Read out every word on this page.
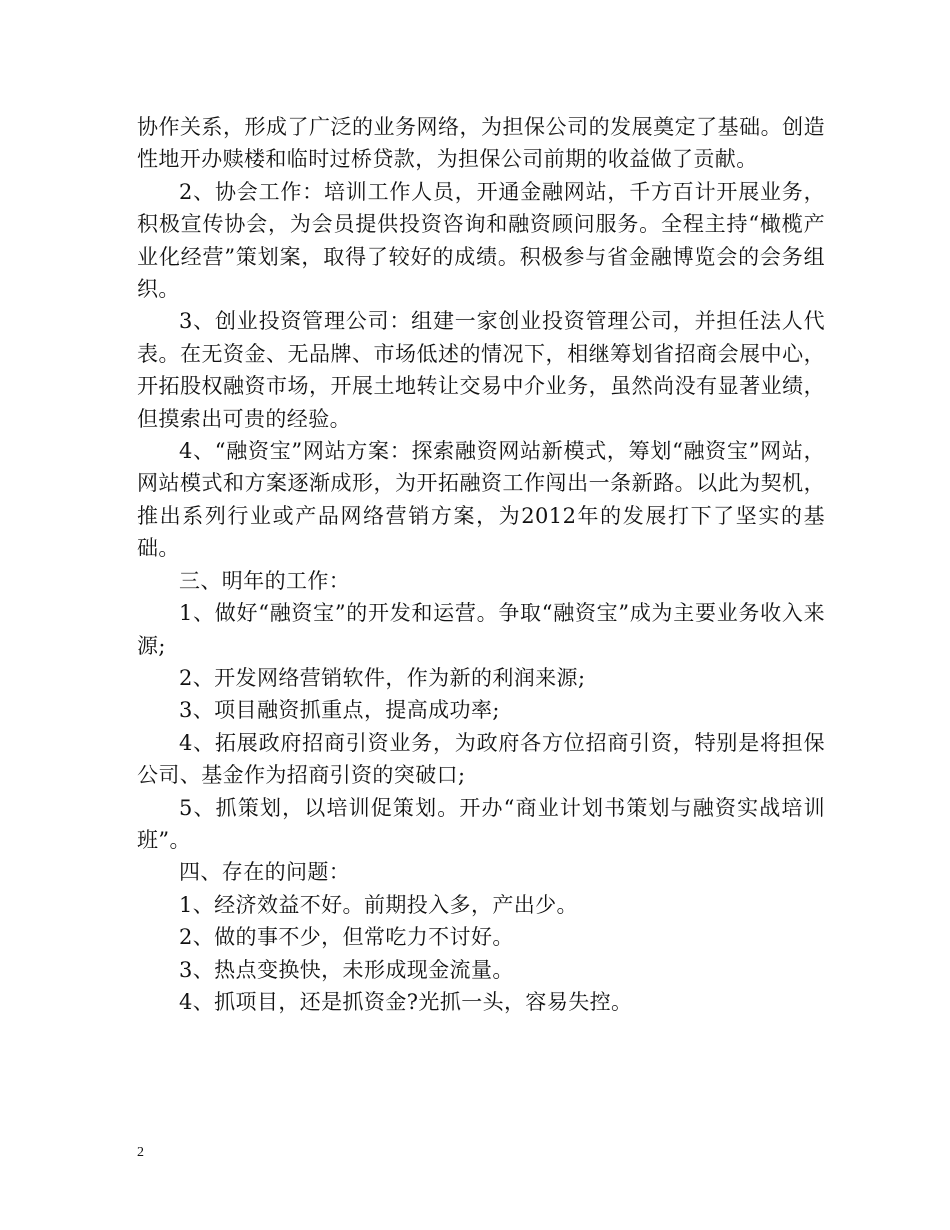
协作关系，形成了广泛的业务网络，为担保公司的发展奠定了基础。创造性地开办赎楼和临时过桥贷款，为担保公司前期的收益做了贡献。

2、协会工作：培训工作人员，开通金融网站，千方百计开展业务，积极宣传协会，为会员提供投资咨询和融资顾问服务。全程主持“橄榄产业化经营”策划案，取得了较好的成绩。积极参与省金融博览会的会务组织。

3、创业投资管理公司：组建一家创业投资管理公司，并担任法人代表。在无资金、无品牌、市场低述的情况下，相继筹划省招商会展中心，开拓股权融资市场，开展土地转让交易中介业务，虽然尚没有显著业绩，但摸索出可贵的经验。

4、“融资宝”网站方案：探索融资网站新模式，筹划“融资宝”网站，网站模式和方案逐渐成形，为开拓融资工作闯出一条新路。以此为契机，推出系列行业或产品网络营销方案，为2012年的发展打下了坚实的基础。

三、明年的工作：

1、做好“融资宝”的开发和运营。争取“融资宝”成为主要业务收入来源;

2、开发网络营销软件，作为新的利润来源;

3、项目融资抓重点，提高成功率;

4、拓展政府招商引资业务，为政府各方位招商引资，特别是将担保公司、基金作为招商引资的突破口;

5、抓策划，以培训促策划。开办“商业计划书策划与融资实战培训班”。

四、存在的问题：

1、经济效益不好。前期投入多，产出少。

2、做的事不少，但常吃力不讨好。

3、热点变换快，未形成现金流量。

4、抓项目，还是抓资金?光抓一头，容易失控。

2
